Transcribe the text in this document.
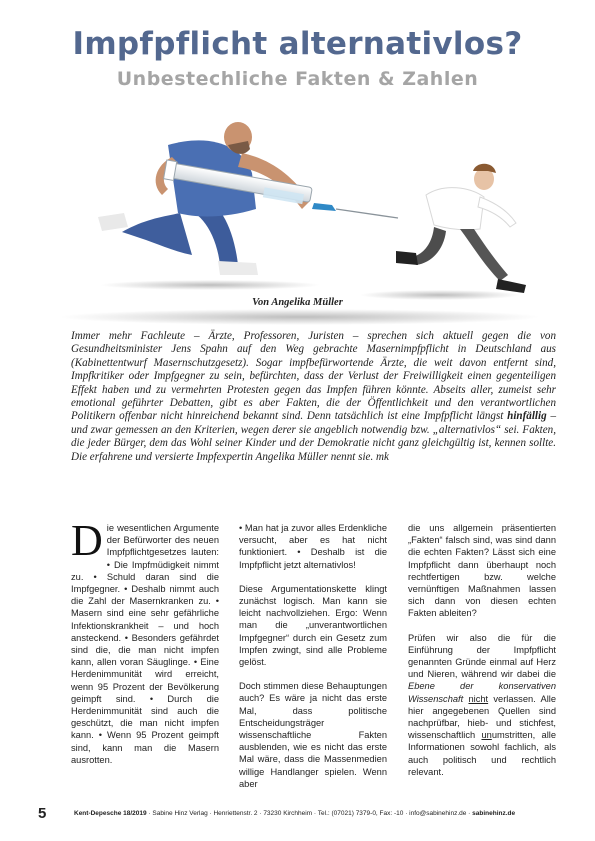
Impfpflicht alternativlos?
Unbestechliche Fakten & Zahlen
Von Angelika Müller

Immer mehr Fachleute – Ärzte, Professoren, Juristen – sprechen sich aktuell gegen die von Gesundheitsminister Jens Spahn auf den Weg gebrachte Masernimpfpflicht in Deutschland aus (Kabinettentwurf Masernschutzgesetz). Sogar impfbefürwortende Ärzte, die weit davon entfernt sind, Impfkritiker oder Impfgegner zu sein, befürchten, dass der Verlust der Freiwilligkeit einen gegenteiligen Effekt haben und zu vermehrten Protesten gegen das Impfen führen könnte. Abseits aller, zumeist sehr emotional geführter Debatten, gibt es aber Fakten, die der Öffentlichkeit und den verantwortlichen Politikern offenbar nicht hinreichend bekannt sind. Denn tatsächlich ist eine Impfpflicht längst hinfällig – und zwar gemessen an den Kriterien, wegen derer sie angeblich notwendig bzw. „alternativlos“ sei. Fakten, die jeder Bürger, dem das Wohl seiner Kinder und der Demokratie nicht ganz gleichgültig ist, kennen sollte. Die erfahrene und versierte Impfexpertin Angelika Müller nennt sie. mk

Die wesentlichen Argumente der Befürworter des neuen Impfpflichtgesetzes lauten: • Die Impfmüdigkeit nimmt zu. • Schuld daran sind die Impfgegner. • Deshalb nimmt auch die Zahl der Masernkranken zu. • Masern sind eine sehr gefährliche Infektionskrankheit – und hoch ansteckend. • Besonders gefährdet sind die, die man nicht impfen kann, allen voran Säuglinge. • Eine Herdenimmunität wird erreicht, wenn 95 Prozent der Bevölkerung geimpft sind. • Durch die Herdenimmunität sind auch die geschützt, die man nicht impfen kann. • Wenn 95 Prozent geimpft sind, kann man die Masern ausrotten.

• Man hat ja zuvor alles Erdenkliche versucht, aber es hat nicht funktioniert. • Deshalb ist die Impfpflicht jetzt alternativlos!

Diese Argumentationskette klingt zunächst logisch. Man kann sie leicht nachvollziehen. Ergo: Wenn man die „unverantwortlichen Impfgegner“ durch ein Gesetz zum Impfen zwingt, sind alle Probleme gelöst.

Doch stimmen diese Behauptungen auch? Es wäre ja nicht das erste Mal, dass politische Entscheidungsträger wissenschaftliche Fakten ausblenden, wie es nicht das erste Mal wäre, dass die Massenmedien willige Handlanger spielen. Wenn aber

die uns allgemein präsentierten „Fakten“ falsch sind, was sind dann die echten Fakten? Lässt sich eine Impfpflicht dann überhaupt noch rechtfertigen bzw. welche vernünftigen Maßnahmen lassen sich dann von diesen echten Fakten ableiten?

Prüfen wir also die für die Einführung der Impfpflicht genannten Gründe einmal auf Herz und Nieren, während wir dabei die Ebene der konservativen Wissenschaft nicht verlassen. Alle hier angegebenen Quellen sind nachprüfbar, hieb- und stichfest, wissenschaftlich unumstritten, alle Informationen sowohl fachlich, als auch politisch und rechtlich relevant.

5	Kent-Depesche 18/2019 · Sabine Hinz Verlag · Henriettenstr. 2 · 73230 Kirchheim · Tel.: (07021) 7379-0, Fax: -10 · info@sabinehinz.de · sabinehinz.de
